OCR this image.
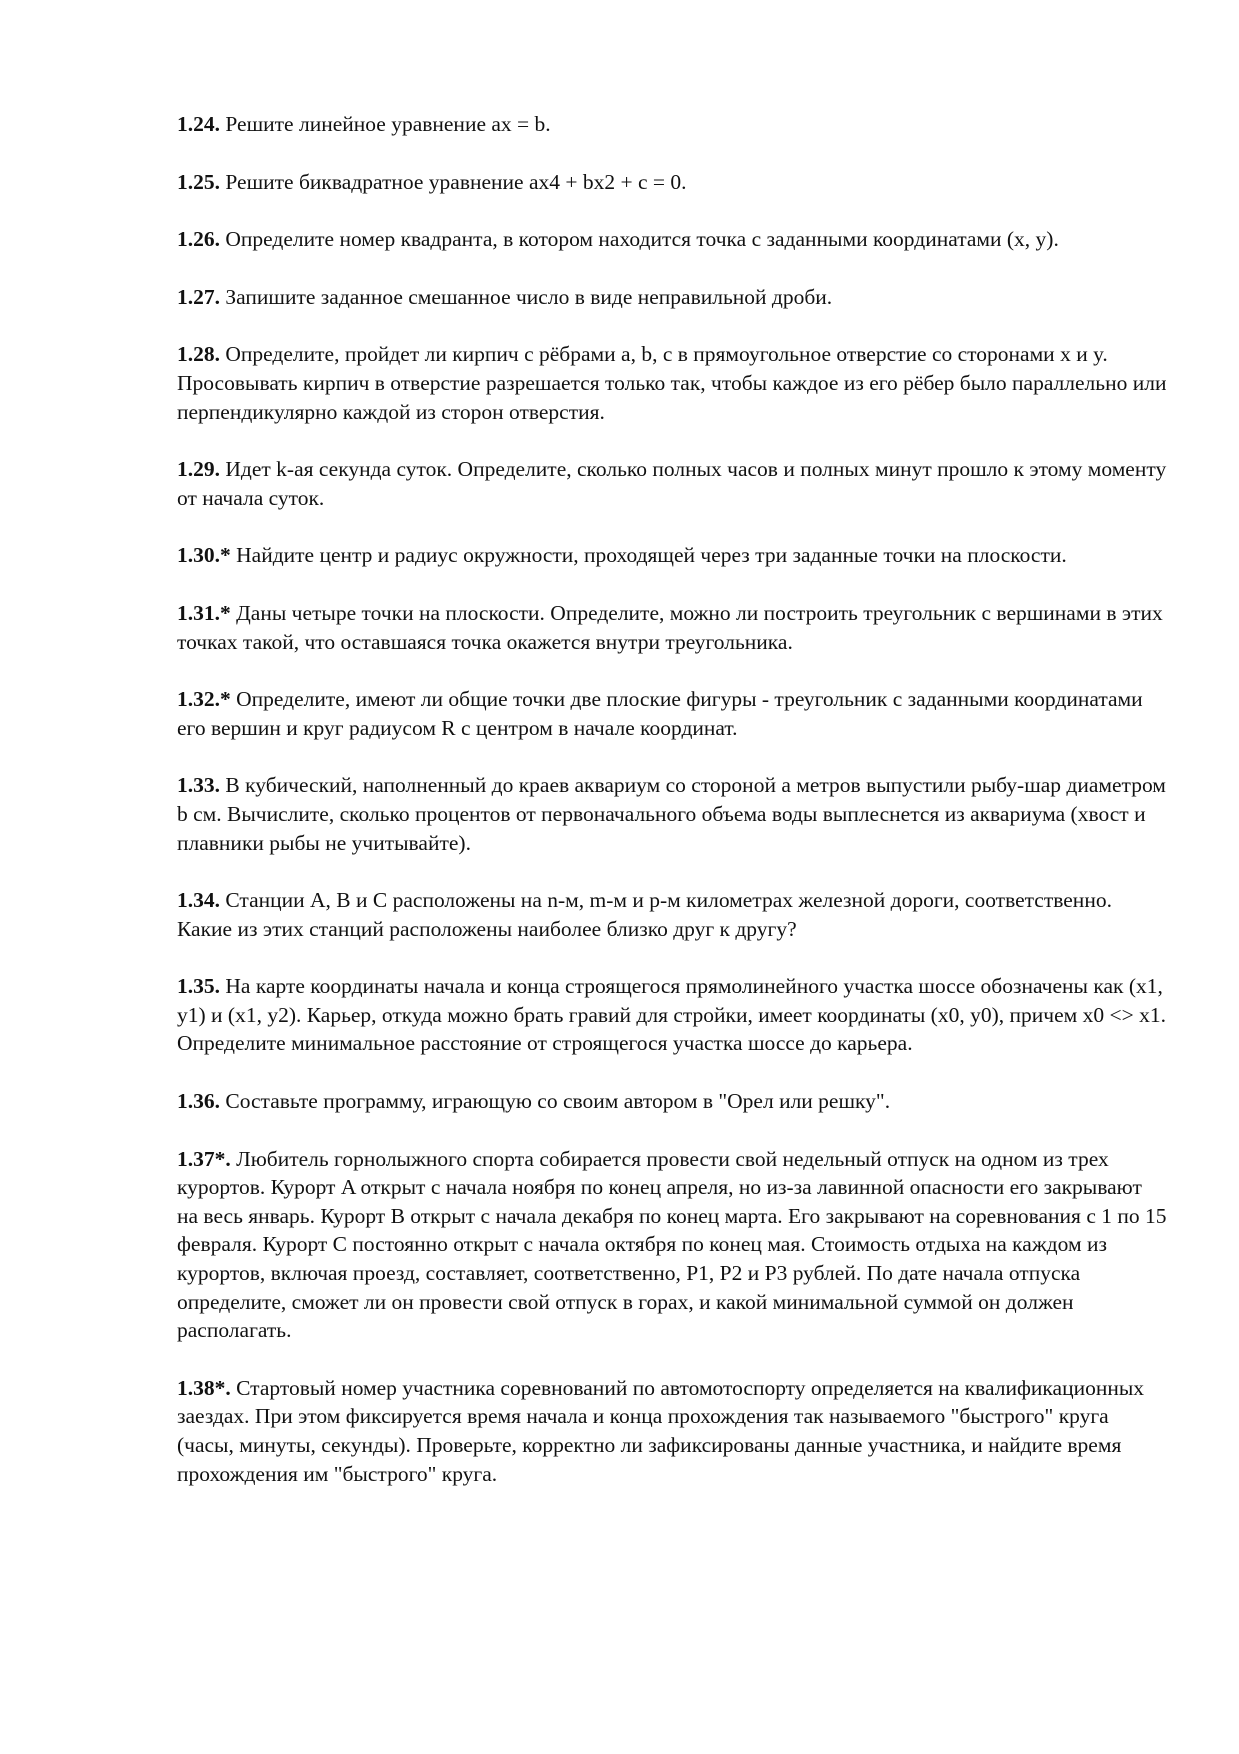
1.24. Решите линейное уравнение ax = b.

1.25. Решите биквадратное уравнение ax4 + bx2 + c = 0.

1.26. Определите номер квадранта, в котором находится точка с заданными координатами (x, y).

1.27. Запишите заданное смешанное число в виде неправильной дроби.

1.28. Определите, пройдет ли кирпич с рёбрами a, b, c в прямоугольное отверстие со сторонами x и y. Просовывать кирпич в отверстие разрешается только так, чтобы каждое из его рёбер было параллельно или перпендикулярно каждой из сторон отверстия.

1.29. Идет k-ая секунда суток. Определите, сколько полных часов и полных минут прошло к этому моменту от начала суток.

1.30.* Найдите центр и радиус окружности, проходящей через три заданные точки на плоскости.

1.31.* Даны четыре точки на плоскости. Определите, можно ли построить треугольник с вершинами в этих точках такой, что оставшаяся точка окажется внутри треугольника.

1.32.* Определите, имеют ли общие точки две плоские фигуры - треугольник с заданными координатами его вершин и круг радиусом R с центром в начале координат.

1.33. В кубический, наполненный до краев аквариум со стороной a метров выпустили рыбу-шар диаметром b см. Вычислите, сколько процентов от первоначального объема воды выплеснется из аквариума (хвост и плавники рыбы не учитывайте).

1.34. Станции A, B и C расположены на n-м, m-м и p-м километрах железной дороги, соответственно. Какие из этих станций расположены наиболее близко друг к другу?

1.35. На карте координаты начала и конца строящегося прямолинейного участка шоссе обозначены как (x1, y1) и (x1, y2). Карьер, откуда можно брать гравий для стройки, имеет координаты (x0, y0), причем x0 <> x1. Определите минимальное расстояние от строящегося участка шоссе до карьера.

1.36. Составьте программу, играющую со своим автором в "Орел или решку".

1.37*. Любитель горнолыжного спорта собирается провести свой недельный отпуск на одном из трех курортов. Курорт A открыт с начала ноября по конец апреля, но из-за лавинной опасности его закрывают на весь январь. Курорт B открыт с начала декабря по конец марта. Его закрывают на соревнования с 1 по 15 февраля. Курорт C постоянно открыт с начала октября по конец мая. Стоимость отдыха на каждом из курортов, включая проезд, составляет, соответственно, P1, P2 и P3 рублей. По дате начала отпуска определите, сможет ли он провести свой отпуск в горах, и какой минимальной суммой он должен располагать.

1.38*. Стартовый номер участника соревнований по автомотоспорту определяется на квалификационных заездах. При этом фиксируется время начала и конца прохождения так называемого "быстрого" круга (часы, минуты, секунды). Проверьте, корректно ли зафиксированы данные участника, и найдите время прохождения им "быстрого" круга.
